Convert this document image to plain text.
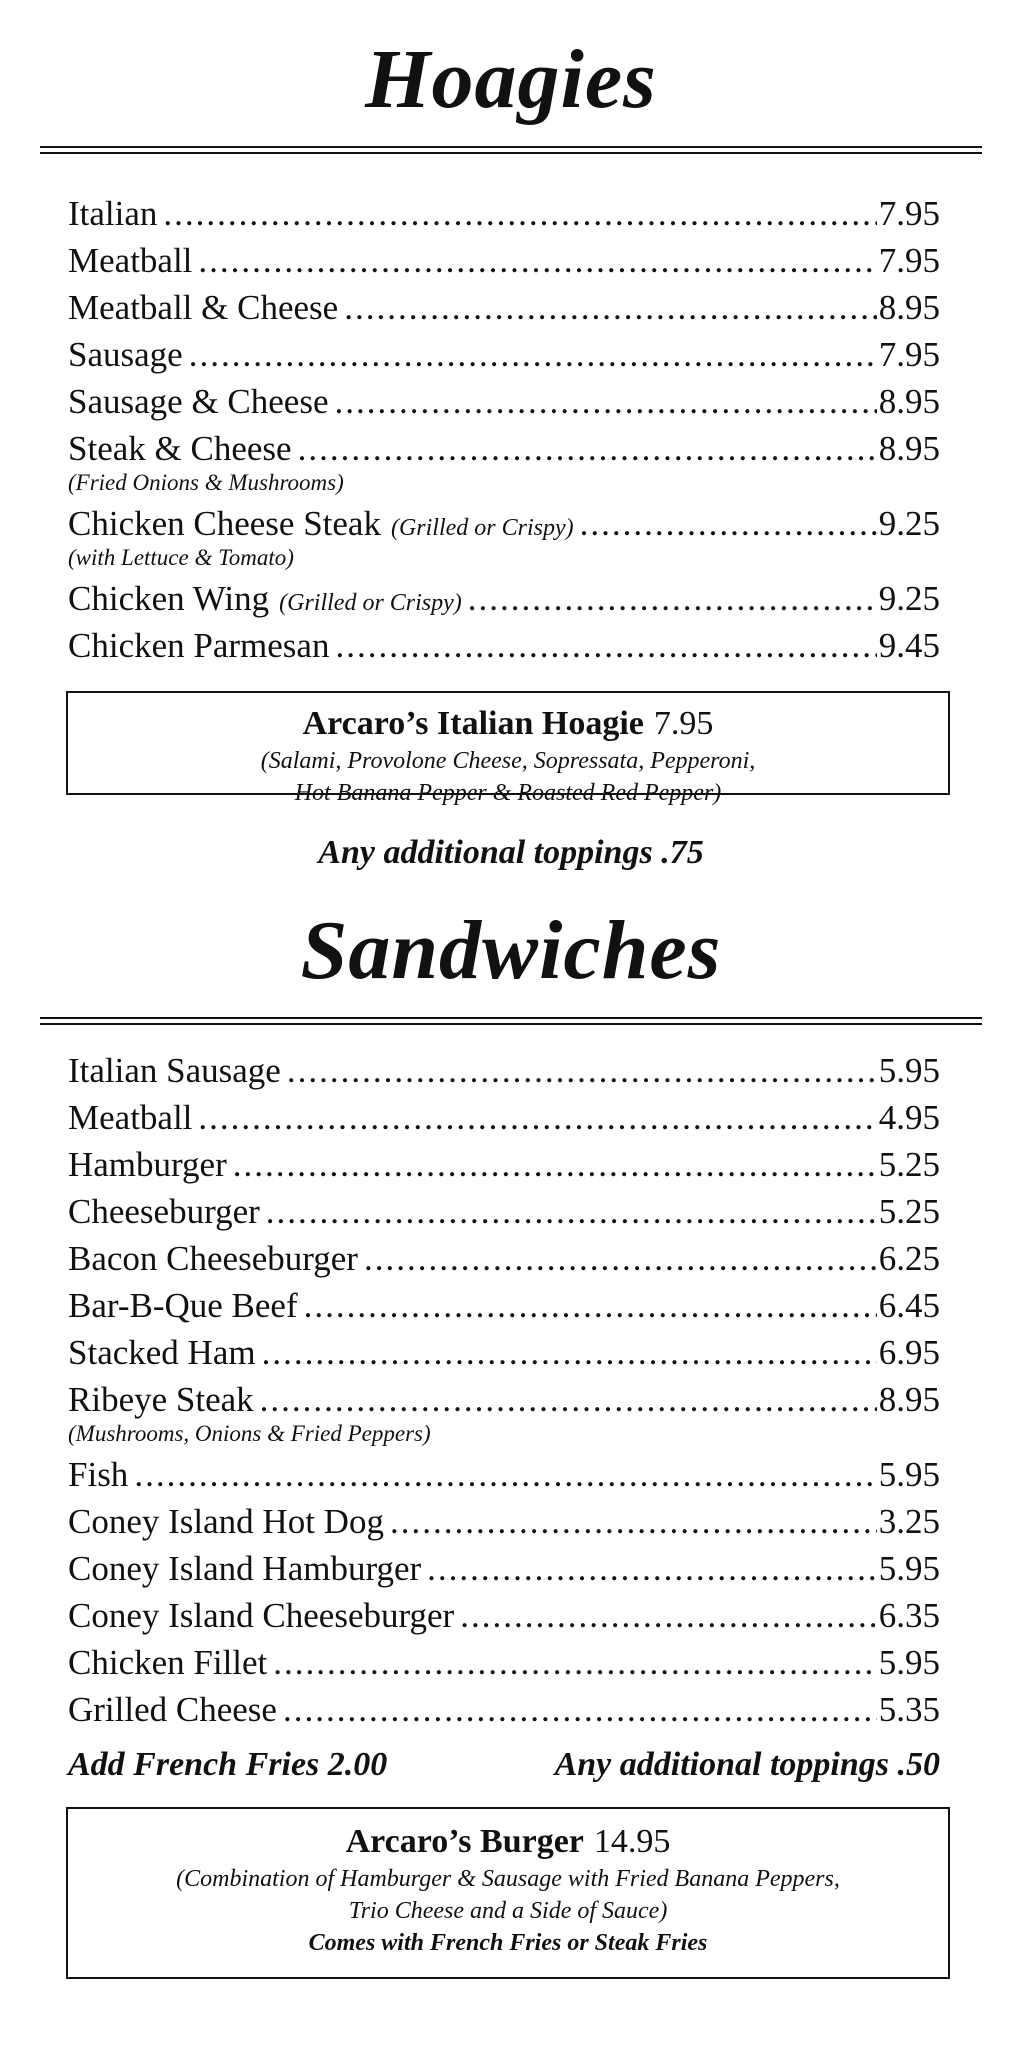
Hoagies
Italian .....	7.95
Meatball .....	7.95
Meatball & Cheese .....	8.95
Sausage .....	7.95
Sausage & Cheese .....	8.95
Steak & Cheese .....	8.95
(Fried Onions & Mushrooms)
Chicken Cheese Steak (Grilled or Crispy) .....	9.25
(with Lettuce & Tomato)
Chicken Wing (Grilled or Crispy) .....	9.25
Chicken Parmesan .....	9.45
Arcaro’s Italian Hoagie 7.95
(Salami, Provolone Cheese, Sopressata, Pepperoni,
Hot Banana Pepper & Roasted Red Pepper)
Any additional toppings .75
Sandwiches
Italian Sausage .....	5.95
Meatball .....	4.95
Hamburger .....	5.25
Cheeseburger .....	5.25
Bacon Cheeseburger .....	6.25
Bar-B-Que Beef .....	6.45
Stacked Ham .....	6.95
Ribeye Steak .....	8.95
(Mushrooms, Onions & Fried Peppers)
Fish .....	5.95
Coney Island Hot Dog .....	3.25
Coney Island Hamburger .....	5.95
Coney Island Cheeseburger .....	6.35
Chicken Fillet .....	5.95
Grilled Cheese .....	5.35
Add French Fries 2.00	Any additional toppings .50
Arcaro’s Burger 14.95
(Combination of Hamburger & Sausage with Fried Banana Peppers,
Trio Cheese and a Side of Sauce)
Comes with French Fries or Steak Fries
